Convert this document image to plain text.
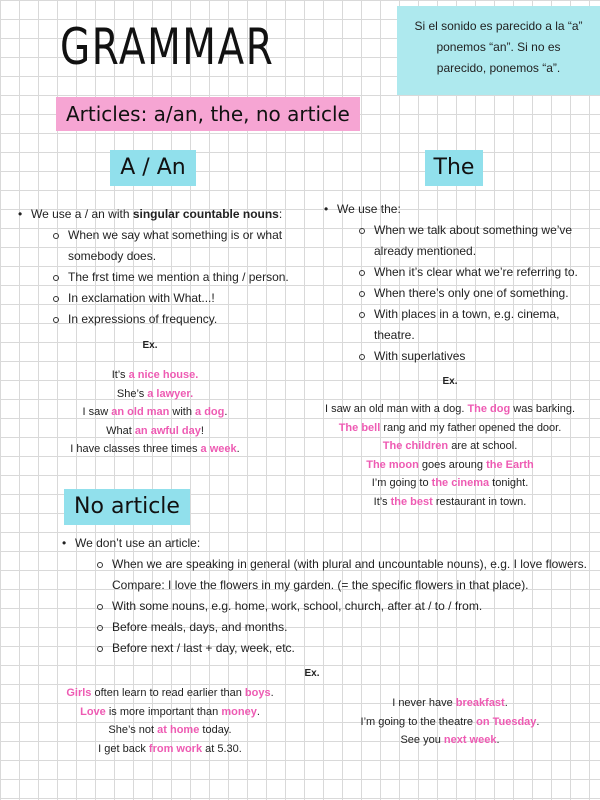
GRAMMAR	Si el sonido es parecido a la “a”
ponemos “an”. Si no es
parecido, ponemos “a”.
Articles: a/an, the, no article
A / An
• We use a / an with singular countable nouns:
When we say what something is or what somebody does.
The frst time we mention a thing / person.
In exclamation with What...!
In expressions of frequency.
Ex.
It’s a nice house.
She’s a lawyer.
I saw an old man with a dog.
What an awful day!
I have classes three times a week.
The
• We use the:
When we talk about something we’ve already mentioned.
When it’s clear what we’re referring to.
When there’s only one of something.
With places in a town, e.g. cinema, theatre.
With superlatives
Ex.
I saw an old man with a dog. The dog was barking.
The bell rang and my father opened the door.
The children are at school.
The moon goes aroung the Earth
I’m going to the cinema tonight.
It’s the best restaurant in town.
No article
• We don’t use an article:
When we are speaking in general (with plural and uncountable nouns), e.g. I love flowers. Compare: I love the flowers in my garden. (= the specific flowers in that place).
With some nouns, e.g. home, work, school, church, after at / to / from.
Before meals, days, and months.
Before next / last + day, week, etc.
Ex.
Girls often learn to read earlier than boys.
Love is more important than money.
She’s not at home today.
I get back from work at 5.30.
I never have breakfast.
I’m going to the theatre on Tuesday.
See you next week.
